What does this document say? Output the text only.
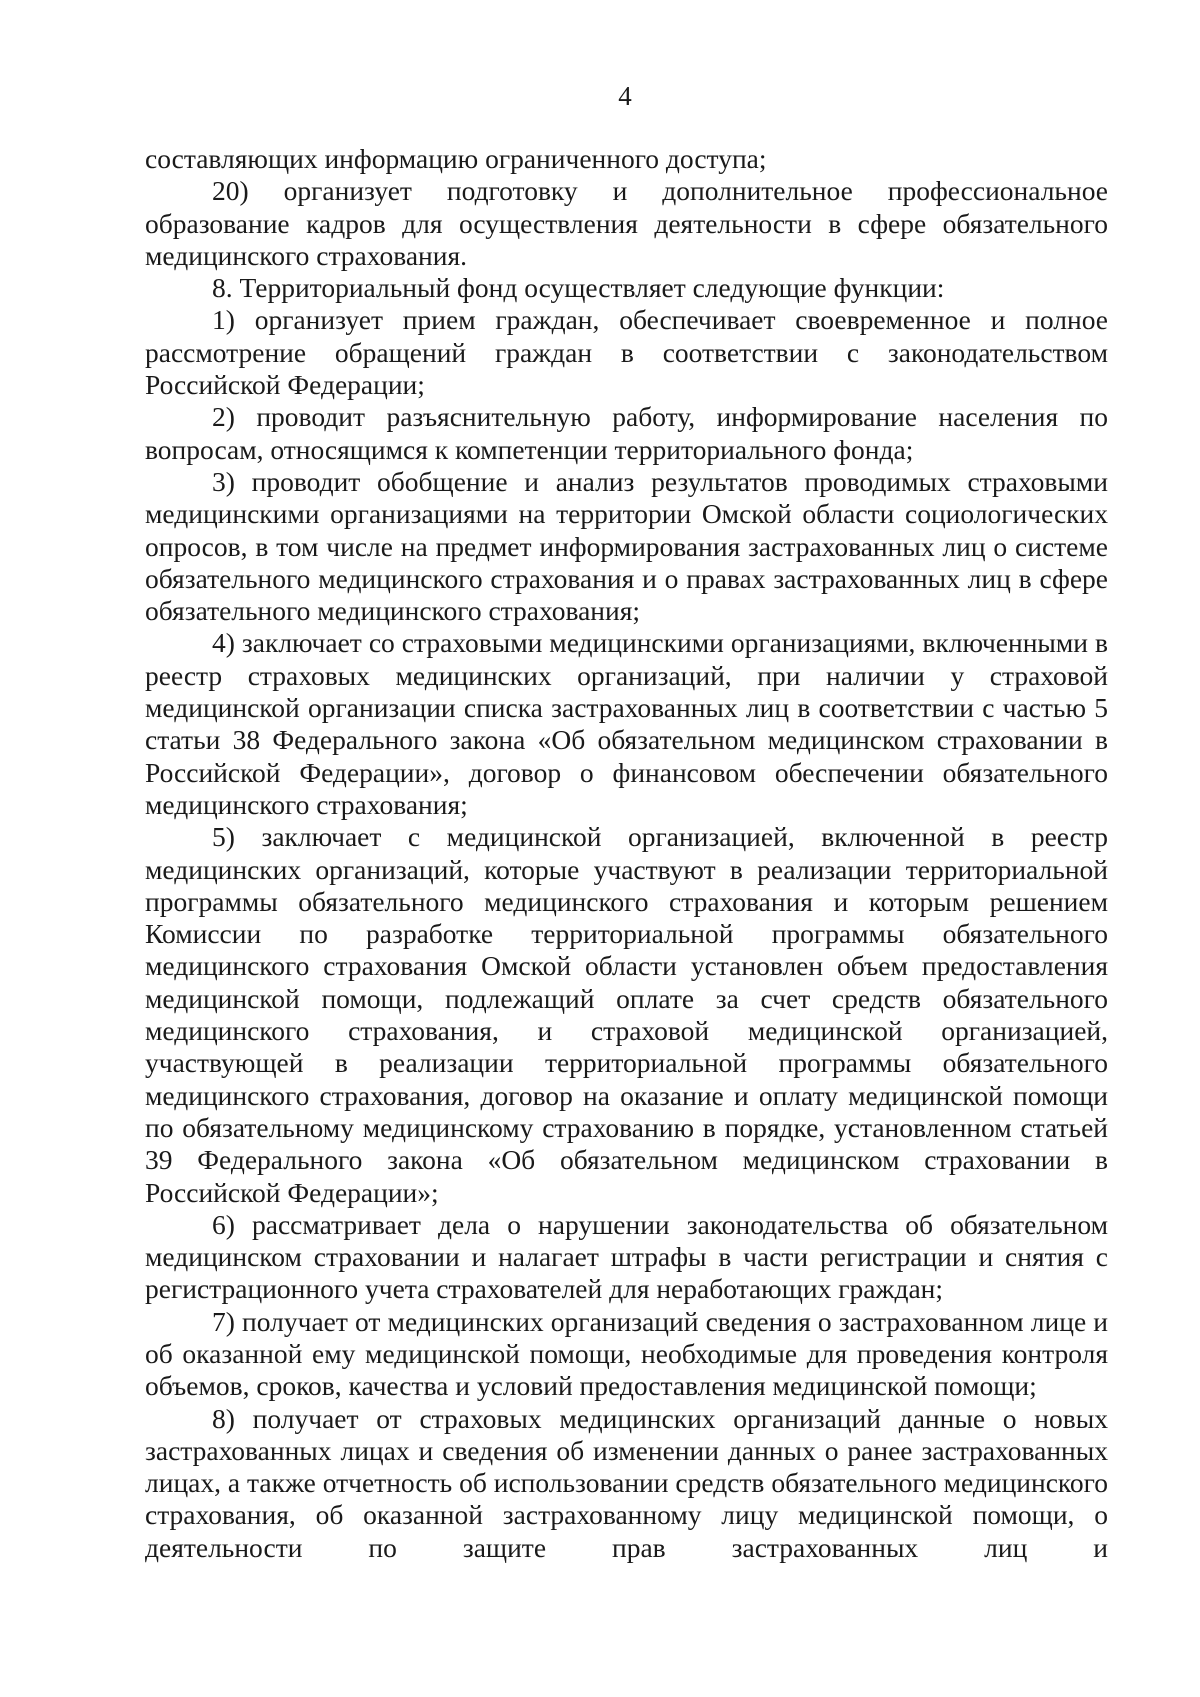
4

составляющих информацию ограниченного доступа;

20) организует подготовку и дополнительное профессиональное образование кадров для осуществления деятельности в сфере обязательного медицинского страхования.

8. Территориальный фонд осуществляет следующие функции:

1) организует прием граждан, обеспечивает своевременное и полное рассмотрение обращений граждан в соответствии с законодательством Российской Федерации;

2) проводит разъяснительную работу, информирование населения по вопросам, относящимся к компетенции территориального фонда;

3) проводит обобщение и анализ результатов проводимых страховыми медицинскими организациями на территории Омской области социологических опросов, в том числе на предмет информирования застрахованных лиц о системе обязательного медицинского страхования и о правах застрахованных лиц в сфере обязательного медицинского страхования;

4) заключает со страховыми медицинскими организациями, включенными в реестр страховых медицинских организаций, при наличии у страховой медицинской организации списка застрахованных лиц в соответствии с частью 5 статьи 38 Федерального закона «Об обязательном медицинском страховании в Российской Федерации», договор о финансовом обеспечении обязательного медицинского страхования;

5) заключает с медицинской организацией, включенной в реестр медицинских организаций, которые участвуют в реализации территориальной программы обязательного медицинского страхования и которым решением Комиссии по разработке территориальной программы обязательного медицинского страхования Омской области установлен объем предоставления медицинской помощи, подлежащий оплате за счет средств обязательного медицинского страхования, и страховой медицинской организацией, участвующей в реализации территориальной программы обязательного медицинского страхования, договор на оказание и оплату медицинской помощи по обязательному медицинскому страхованию в порядке, установленном статьей 39 Федерального закона «Об обязательном медицинском страховании в Российской Федерации»;

6) рассматривает дела о нарушении законодательства об обязательном медицинском страховании и налагает штрафы в части регистрации и снятия с регистрационного учета страхователей для неработающих граждан;

7) получает от медицинских организаций сведения о застрахованном лице и об оказанной ему медицинской помощи, необходимые для проведения контроля объемов, сроков, качества и условий предоставления медицинской помощи;

8) получает от страховых медицинских организаций данные о новых застрахованных лицах и сведения об изменении данных о ранее застрахованных лицах, а также отчетность об использовании средств обязательного медицинского страхования, об оказанной застрахованному лицу медицинской помощи, о деятельности по защите прав застрахованных лиц и
